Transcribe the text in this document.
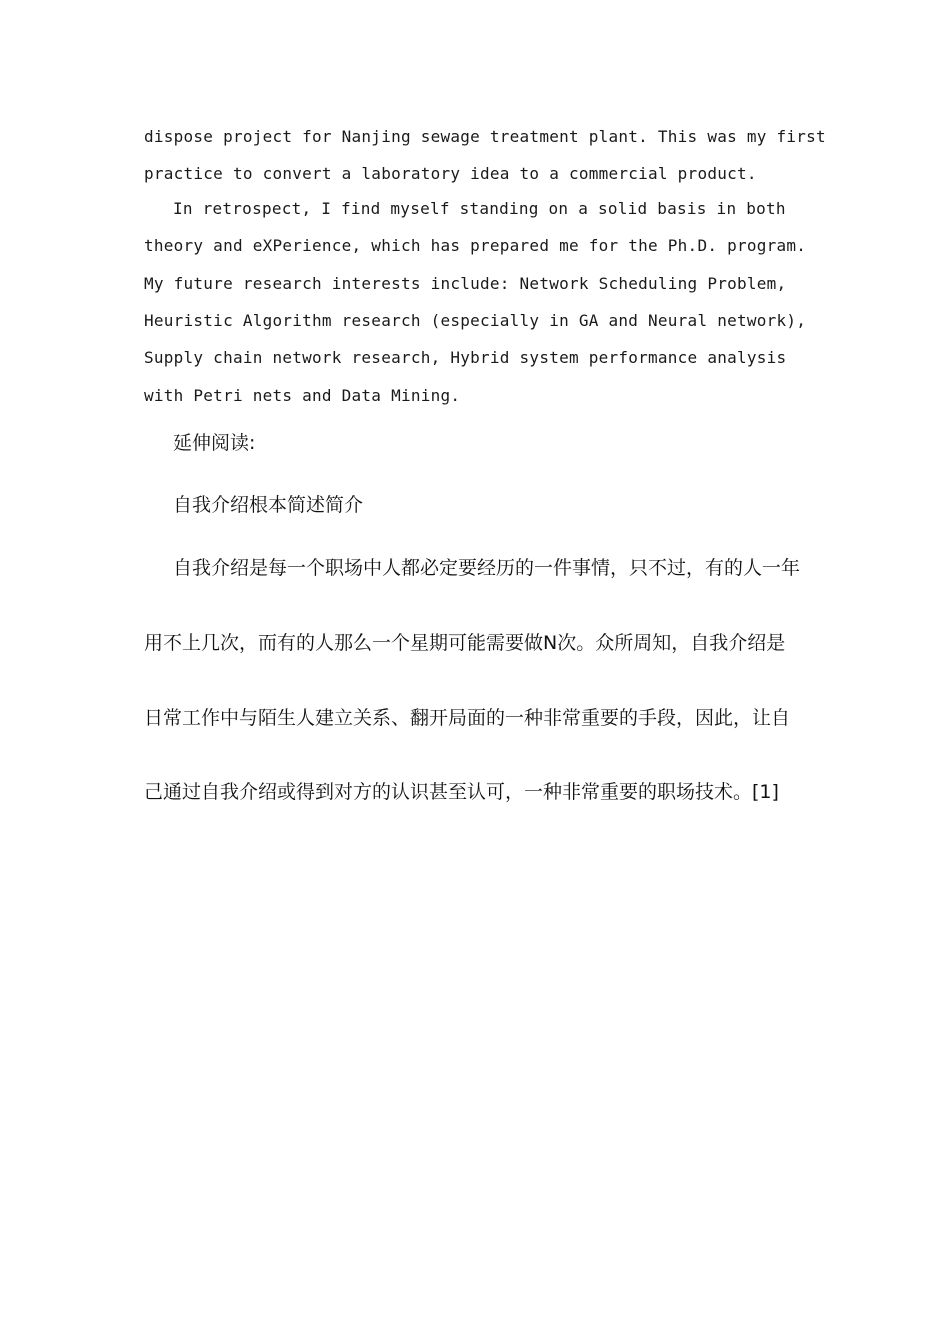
dispose project for Nanjing sewage treatment plant. This was my first
practice to convert a laboratory idea to a commercial product.
In retrospect, I find myself standing on a solid basis in both
theory and eXPerience, which has prepared me for the Ph.D. program.
My future research interests include: Network Scheduling Problem,
Heuristic Algorithm research (especially in GA and Neural network),
Supply chain network research, Hybrid system performance analysis
with Petri nets and Data Mining.
延伸阅读:
自我介绍根本简述简介
自我介绍是每一个职场中人都必定要经历的一件事情，只不过，有的人一年
用不上几次，而有的人那么一个星期可能需要做N次。众所周知，自我介绍是
日常工作中与陌生人建立关系、翻开局面的一种非常重要的手段，因此，让自
己通过自我介绍或得到对方的认识甚至认可，一种非常重要的职场技术。[1]
